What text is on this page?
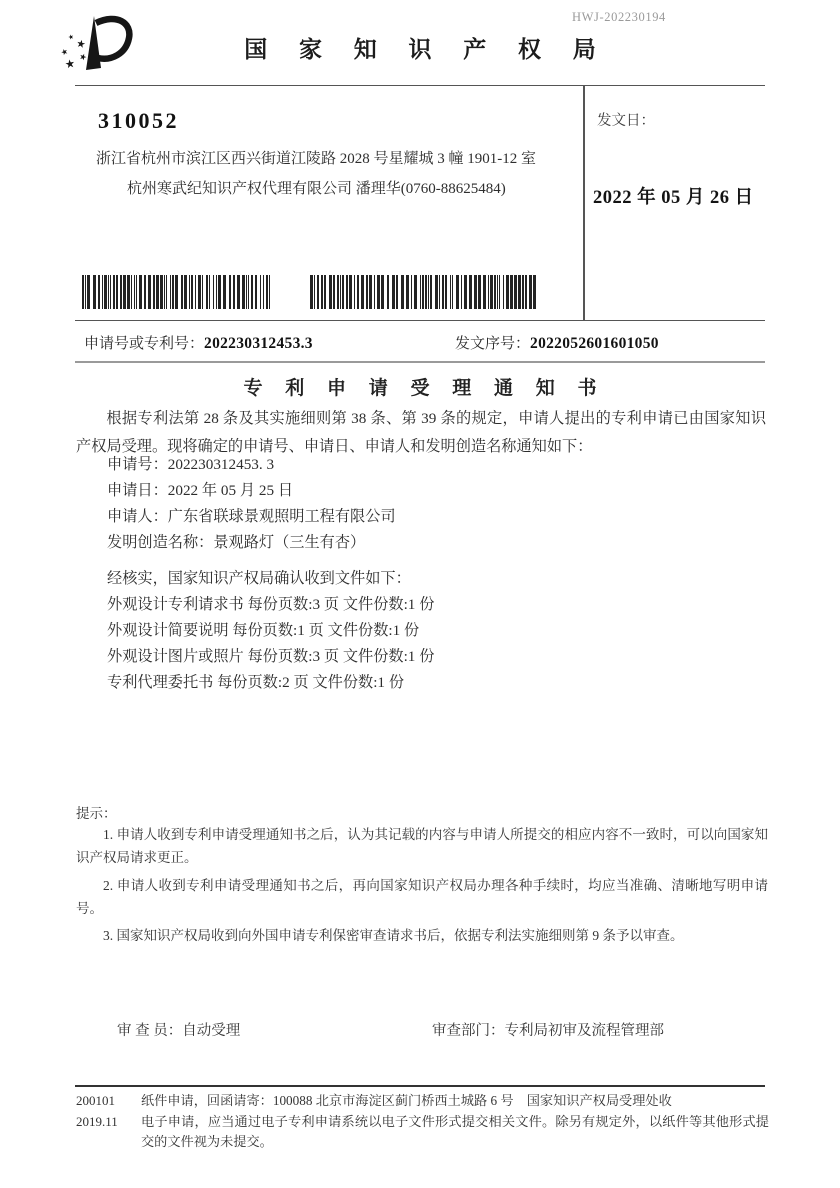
HWJ-202230194
国 家 知 识 产 权 局
310052
浙江省杭州市滨江区西兴街道江陵路 2028 号星耀城 3 幢 1901-12 室
杭州寒武纪知识产权代理有限公司 潘理华(0760-88625484)
发文日：
2022 年 05 月 26 日
申请号或专利号：202230312453.3	发文序号：2022052601601050
专 利 申 请 受 理 通 知 书

根据专利法第 28 条及其实施细则第 38 条、第 39 条的规定，申请人提出的专利申请已由国家知识产权局受理。现将确定的申请号、申请日、申请人和发明创造名称通知如下：

申请号：202230312453. 3
申请日：2022 年 05 月 25 日
申请人：广东省联球景观照明工程有限公司
发明创造名称：景观路灯（三生有杏）
经核实，国家知识产权局确认收到文件如下：
外观设计专利请求书 每份页数:3 页 文件份数:1 份
外观设计简要说明 每份页数:1 页 文件份数:1 份
外观设计图片或照片 每份页数:3 页 文件份数:1 份
专利代理委托书 每份页数:2 页 文件份数:1 份
提示：

1. 申请人收到专利申请受理通知书之后，认为其记载的内容与申请人所提交的相应内容不一致时，可以向国家知识产权局请求更正。

2. 申请人收到专利申请受理通知书之后，再向国家知识产权局办理各种手续时，均应当准确、清晰地写明申请号。

3. 国家知识产权局收到向外国申请专利保密审查请求书后，依据专利法实施细则第 9 条予以审查。

审 查 员：自动受理	审查部门：专利局初审及流程管理部
200101
2019.11

纸件申请，回函请寄：100088 北京市海淀区蓟门桥西土城路 6 号　国家知识产权局受理处收

电子申请，应当通过电子专利申请系统以电子文件形式提交相关文件。除另有规定外，以纸件等其他形式提交的文件视为未提交。
